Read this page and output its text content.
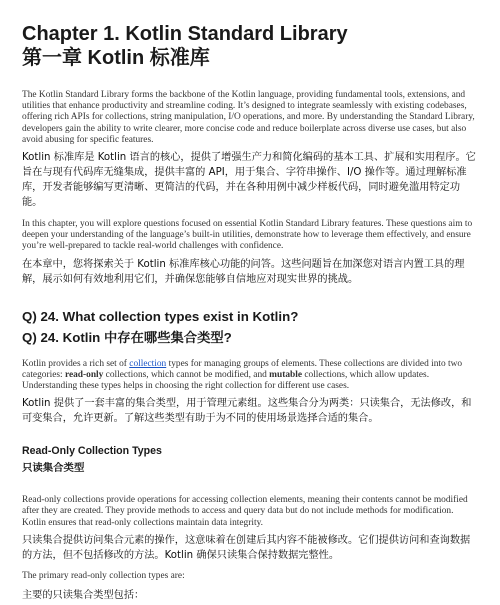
Chapter 1. Kotlin Standard Library
第一章 Kotlin 标准库

The Kotlin Standard Library forms the backbone of the Kotlin language, providing fundamental tools, extensions, and utilities that enhance productivity and streamline coding. It’s designed to integrate seamlessly with existing codebases, offering rich APIs for collections, string manipulation, I/O operations, and more. By understanding the Standard Library, developers gain the ability to write clearer, more concise code and reduce boilerplate across diverse use cases, but also avoid abusing for specific features.

Kotlin 标准库是 Kotlin 语言的核心，提供了增强生产力和简化编码的基本工具、扩展和实用程序。它旨在与现有代码库无缝集成，提供丰富的 API，用于集合、字符串操作、I/O 操作等。通过理解标准库，开发者能够编写更清晰、更简洁的代码，并在各种用例中减少样板代码，同时避免滥用特定功能。

In this chapter, you will explore questions focused on essential Kotlin Standard Library features. These questions aim to deepen your understanding of the language’s built-in utilities, demonstrate how to leverage them effectively, and ensure you’re well-prepared to tackle real-world challenges with confidence.

在本章中，您将探索关于 Kotlin 标准库核心功能的问答。这些问题旨在加深您对语言内置工具的理解，展示如何有效地利用它们，并确保您能够自信地应对现实世界的挑战。

Q) 24. What collection types exist in Kotlin?
Q) 24. Kotlin 中存在哪些集合类型?

Kotlin provides a rich set of collection types for managing groups of elements. These collections are divided into two categories: read-only collections, which cannot be modified, and mutable collections, which allow updates. Understanding these types helps in choosing the right collection for different use cases.

Kotlin 提供了一套丰富的集合类型，用于管理元素组。这些集合分为两类：只读集合，无法修改，和可变集合，允许更新。了解这些类型有助于为不同的使用场景选择合适的集合。

Read-Only Collection Types
只读集合类型

Read-only collections provide operations for accessing collection elements, meaning their contents cannot be modified after they are created. They provide methods to access and query data but do not include methods for modification. Kotlin ensures that read-only collections maintain data integrity.

只读集合提供访问集合元素的操作，这意味着在创建后其内容不能被修改。它们提供访问和查询数据的方法，但不包括修改的方法。Kotlin 确保只读集合保持数据完整性。

The primary read-only collection types are:

主要的只读集合类型包括：
